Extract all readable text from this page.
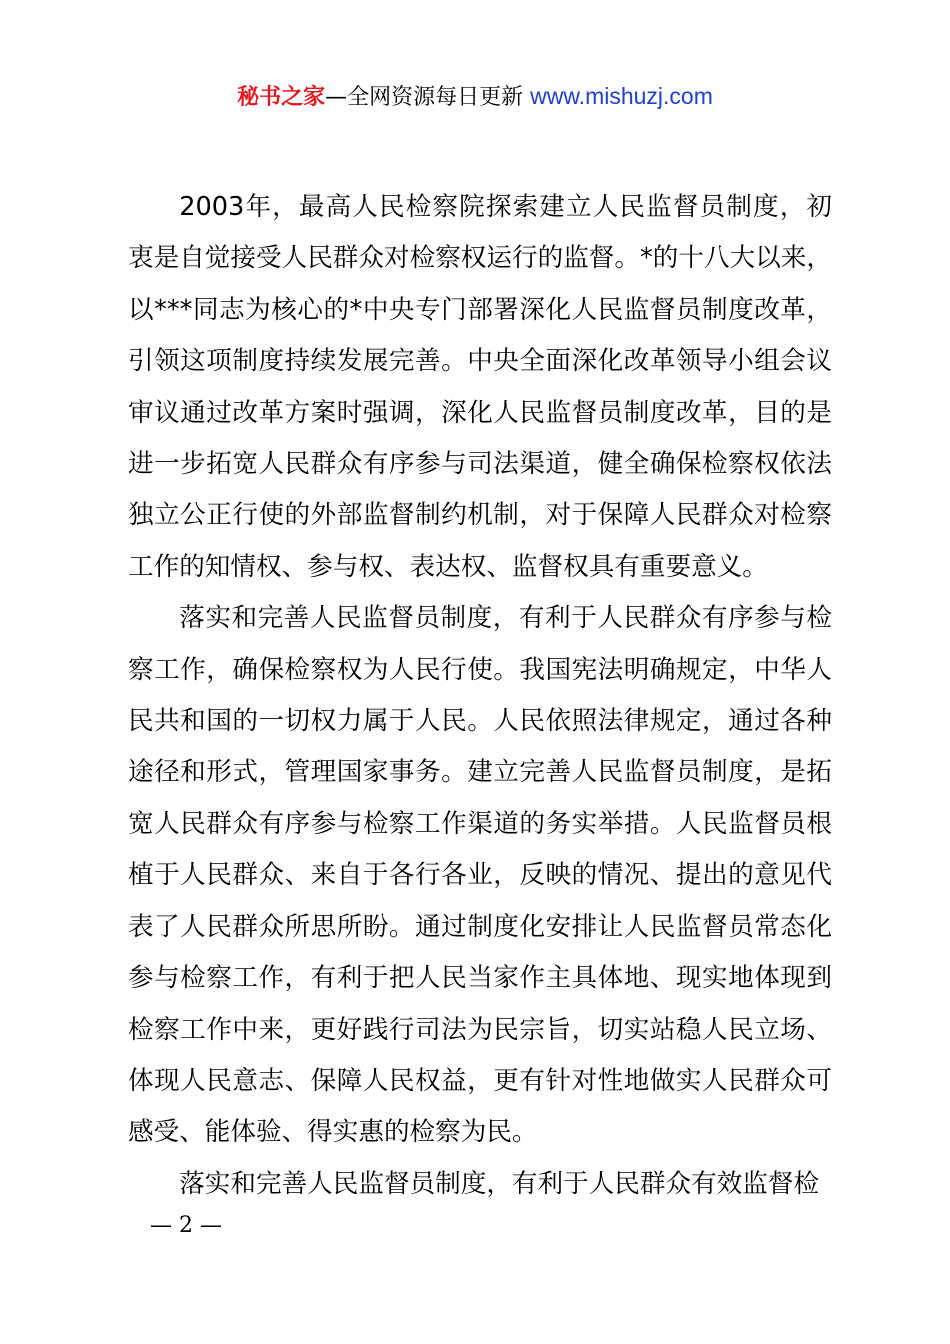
秘书之家—全网资源每日更新 www.mishuzj.com

2003年，最高人民检察院探索建立人民监督员制度，初衷是自觉接受人民群众对检察权运行的监督。*的十八大以来，以***同志为核心的*中央专门部署深化人民监督员制度改革，引领这项制度持续发展完善。中央全面深化改革领导小组会议审议通过改革方案时强调，深化人民监督员制度改革，目的是进一步拓宽人民群众有序参与司法渠道，健全确保检察权依法独立公正行使的外部监督制约机制，对于保障人民群众对检察工作的知情权、参与权、表达权、监督权具有重要意义。

落实和完善人民监督员制度，有利于人民群众有序参与检察工作，确保检察权为人民行使。我国宪法明确规定，中华人民共和国的一切权力属于人民。人民依照法律规定，通过各种途径和形式，管理国家事务。建立完善人民监督员制度，是拓宽人民群众有序参与检察工作渠道的务实举措。人民监督员根植于人民群众、来自于各行各业，反映的情况、提出的意见代表了人民群众所思所盼。通过制度化安排让人民监督员常态化参与检察工作，有利于把人民当家作主具体地、现实地体现到检察工作中来，更好践行司法为民宗旨，切实站稳人民立场、体现人民意志、保障人民权益，更有针对性地做实人民群众可感受、能体验、得实惠的检察为民。

落实和完善人民监督员制度，有利于人民群众有效监督检

— 2 —
